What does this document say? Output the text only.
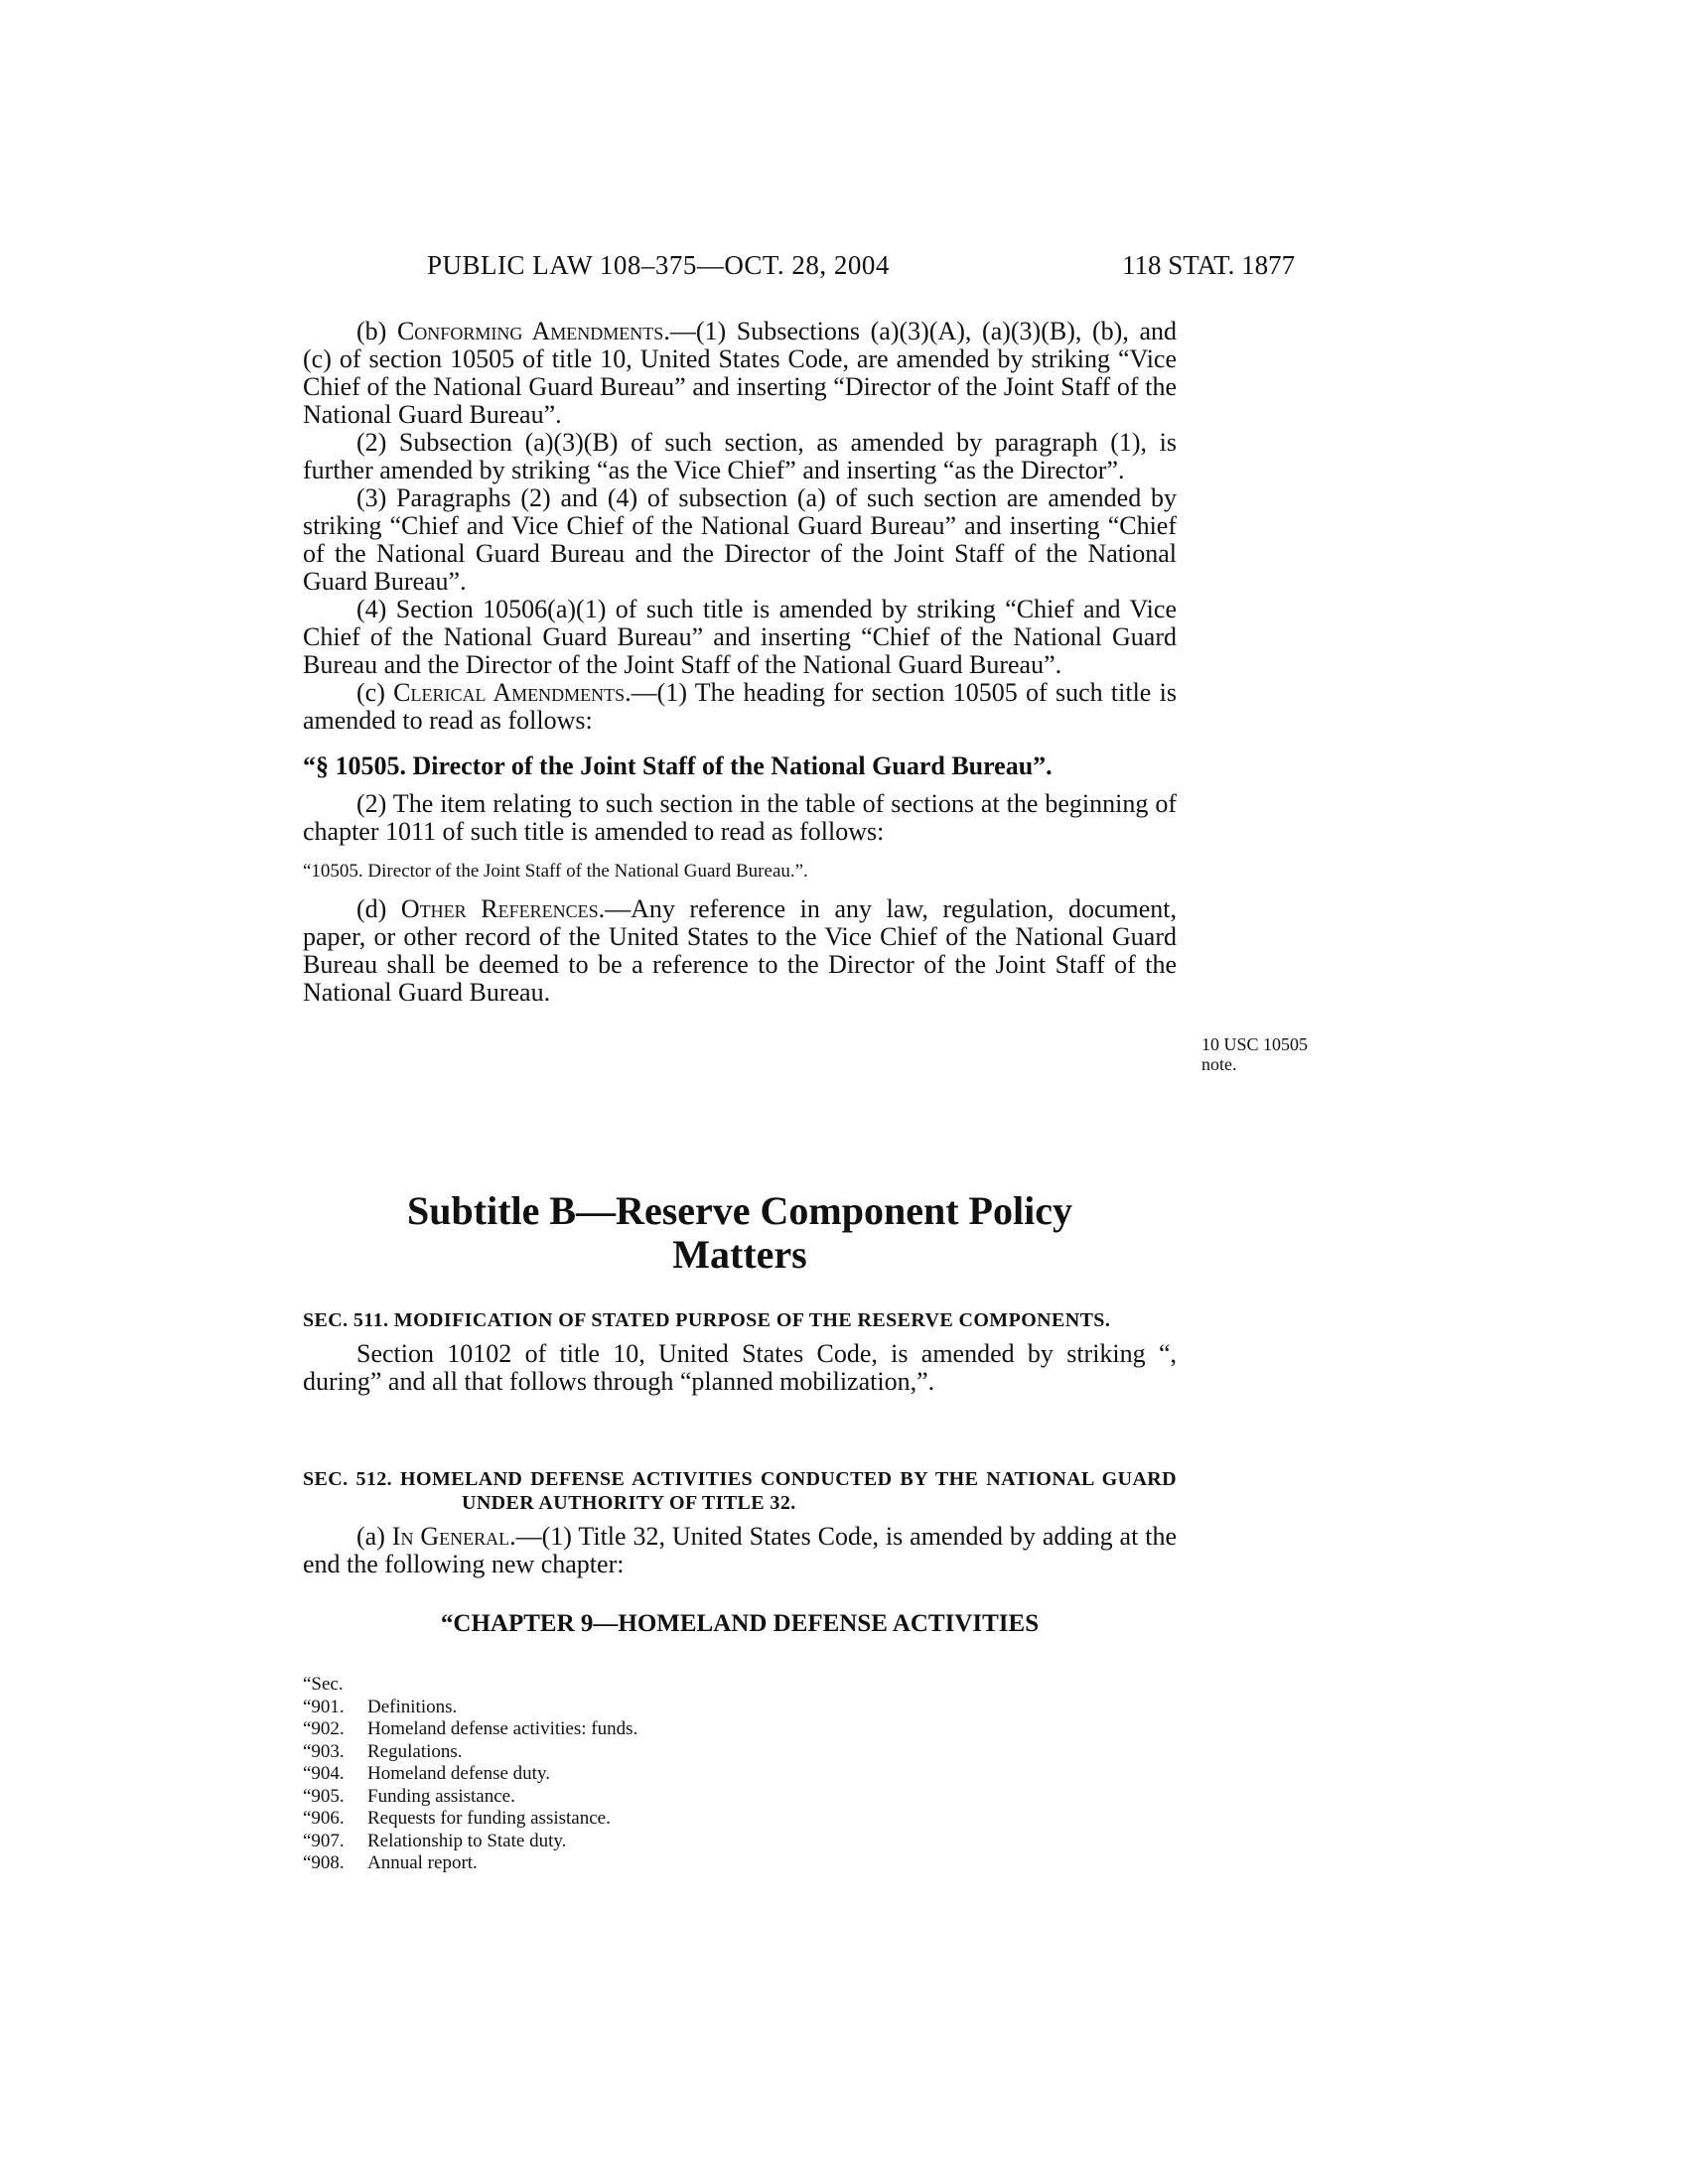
PUBLIC LAW 108–375—OCT. 28, 2004	118 STAT. 1877

(b) Conforming Amendments.—(1) Subsections (a)(3)(A), (a)(3)(B), (b), and (c) of section 10505 of title 10, United States Code, are amended by striking “Vice Chief of the National Guard Bureau” and inserting “Director of the Joint Staff of the National Guard Bureau”.

(2) Subsection (a)(3)(B) of such section, as amended by paragraph (1), is further amended by striking “as the Vice Chief” and inserting “as the Director”.

(3) Paragraphs (2) and (4) of subsection (a) of such section are amended by striking “Chief and Vice Chief of the National Guard Bureau” and inserting “Chief of the National Guard Bureau and the Director of the Joint Staff of the National Guard Bureau”.

(4) Section 10506(a)(1) of such title is amended by striking “Chief and Vice Chief of the National Guard Bureau” and inserting “Chief of the National Guard Bureau and the Director of the Joint Staff of the National Guard Bureau”.

(c) Clerical Amendments.—(1) The heading for section 10505 of such title is amended to read as follows:

“§ 10505. Director of the Joint Staff of the National Guard Bureau”.

(2) The item relating to such section in the table of sections at the beginning of chapter 1011 of such title is amended to read as follows:

“10505. Director of the Joint Staff of the National Guard Bureau.”.

(d) Other References.—Any reference in any law, regulation, document, paper, or other record of the United States to the Vice Chief of the National Guard Bureau shall be deemed to be a reference to the Director of the Joint Staff of the National Guard Bureau.

10 USC 10505
note.
Subtitle B—Reserve Component Policy
Matters

SEC. 511. MODIFICATION OF STATED PURPOSE OF THE RESERVE COMPONENTS.

Section 10102 of title 10, United States Code, is amended by striking “, during” and all that follows through “planned mobilization,”.

SEC. 512. HOMELAND DEFENSE ACTIVITIES CONDUCTED BY THE NATIONAL GUARD UNDER AUTHORITY OF TITLE 32.

(a) In General.—(1) Title 32, United States Code, is amended by adding at the end the following new chapter:

“CHAPTER 9—HOMELAND DEFENSE ACTIVITIES
“Sec.
“901.	Definitions.
“902.	Homeland defense activities: funds.
“903.	Regulations.
“904.	Homeland defense duty.
“905.	Funding assistance.
“906.	Requests for funding assistance.
“907.	Relationship to State duty.
“908.	Annual report.
